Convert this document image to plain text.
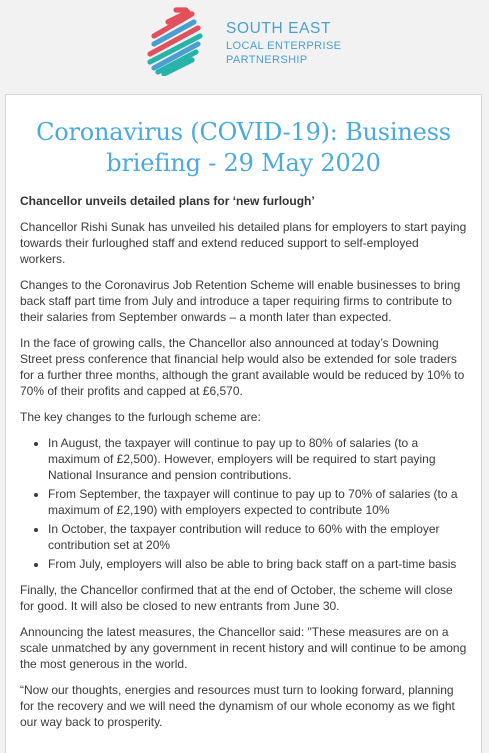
SOUTH EAST
LOCAL ENTERPRISE
PARTNERSHIP
Coronavirus (COVID-19): Business briefing - 29 May 2020
Chancellor unveils detailed plans for ‘new furlough’

Chancellor Rishi Sunak has unveiled his detailed plans for employers to start paying towards their furloughed staff and extend reduced support to self-employed workers.

Changes to the Coronavirus Job Retention Scheme will enable businesses to bring back staff part time from July and introduce a taper requiring firms to contribute to their salaries from September onwards – a month later than expected.

In the face of growing calls, the Chancellor also announced at today’s Downing Street press conference that financial help would also be extended for sole traders for a further three months, although the grant available would be reduced by 10% to 70% of their profits and capped at £6,570.

The key changes to the furlough scheme are:

• In August, the taxpayer will continue to pay up to 80% of salaries (to a maximum of £2,500). However, employers will be required to start paying National Insurance and pension contributions.
• From September, the taxpayer will continue to pay up to 70% of salaries (to a maximum of £2,190) with employers expected to contribute 10%
• In October, the taxpayer contribution will reduce to 60% with the employer contribution set at 20%
• From July, employers will also be able to bring back staff on a part-time basis

Finally, the Chancellor confirmed that at the end of October, the scheme will close for good. It will also be closed to new entrants from June 30.

Announcing the latest measures, the Chancellor said: "These measures are on a scale unmatched by any government in recent history and will continue to be among the most generous in the world.

“Now our thoughts, energies and resources must turn to looking forward, planning for the recovery and we will need the dynamism of our whole economy as we fight our way back to prosperity.
